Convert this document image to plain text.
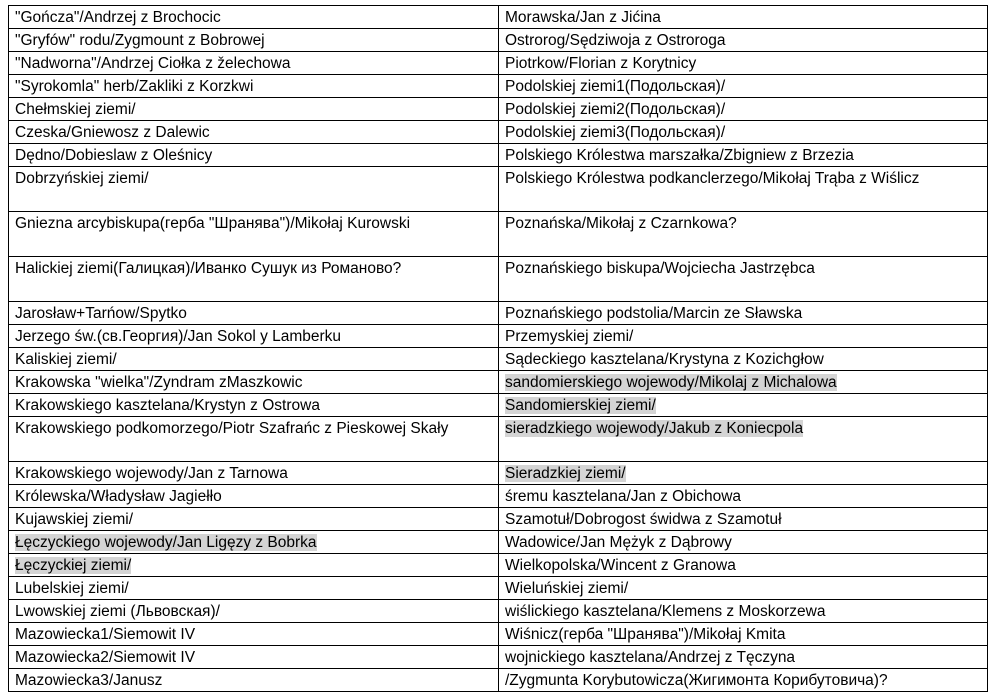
"Gończa"/Andrzej z Brochocic	Morawska/Jan z Jićina
"Gryfów" rodu/Zygmount z Bobrowej	Ostrorog/Sędziwoja z Ostroroga
"Nadworna"/Andrzej Ciołka z želechowa	Piotrkow/Florian z Korytnicy
"Syrokomla" herb/Zakliki z Korzkwi	Podolskiej ziemi1(Подольская)/
Chełmskiej ziemi/	Podolskiej ziemi2(Подольская)/
Czeska/Gniewosz z Dalewic	Podolskiej ziemi3(Подольская)/
Dędno/Dobieslaw z Oleśnicy	Polskiego Królestwa marszałka/Zbigniew z Brzezia
Dobrzyńskiej ziemi/	Polskiego Królestwa podkanclerzego/Mikołaj Trąba z Wiślicz
Gniezna arcybiskupa(герба "Шранявa")/Mikołaj Kurowski	Poznańska/Mikołaj z Czarnkowa?
Halickiej ziemi(Галицкая)/Иванко Сушук из Романово?	Poznańskiego biskupa/Wojciecha Jastrzębca
Jarosław+Tarńow/Spytko	Poznańskiego podstolia/Marcin ze Sławska
Jerzego św.(св.Георгия)/Jan Sokol y Lamberku	Przemyskiej ziemi/
Kaliskiej ziemi/	Sądeckiego kasztelana/Krystyna z Kozichgłow
Krakowska "wielka"/Zyndram zMaszkowic	sandomierskiego wojewody/Mikolaj z Michalowa
Krakowskiego kasztelana/Krystyn z Ostrowa	Sandomierskiej ziemi/
Krakowskiego podkomorzego/Piotr Szafrańc z Pieskowej Skały	sieradzkiego wojewody/Jakub z Koniecpola
Krakowskiego wojewody/Jan z Tarnowa	Sieradzkiej ziemi/
Królewska/Władysław Jagiełło	śremu kasztelana/Jan z Obichowa
Kujawskiej ziemi/	Szamotuł/Dobrogost świdwa z Szamotuł
Łęczyckiego wojewody/Jan Ligęzy z Bobrka	Wadowice/Jan Mężyk z Dąbrowy
Łęczyckiej ziemi/	Wielkopolska/Wincent z Granowa
Lubelskiej ziemi/	Wieluńskiej ziemi/
Lwowskiej ziemi (Львовская)/	wiślickiego kasztelana/Klemens z Moskorzewa
Mazowiecka1/Siemowit IV	Wiśnicz(герба "Шранявa")/Mikołaj Kmita
Mazowiecka2/Siemowit IV	wojnickiego kasztelana/Andrzej z Tęczyna
Mazowiecka3/Janusz	/Zygmunta Korybutowicza(Жигимонта Корибутовича)?
